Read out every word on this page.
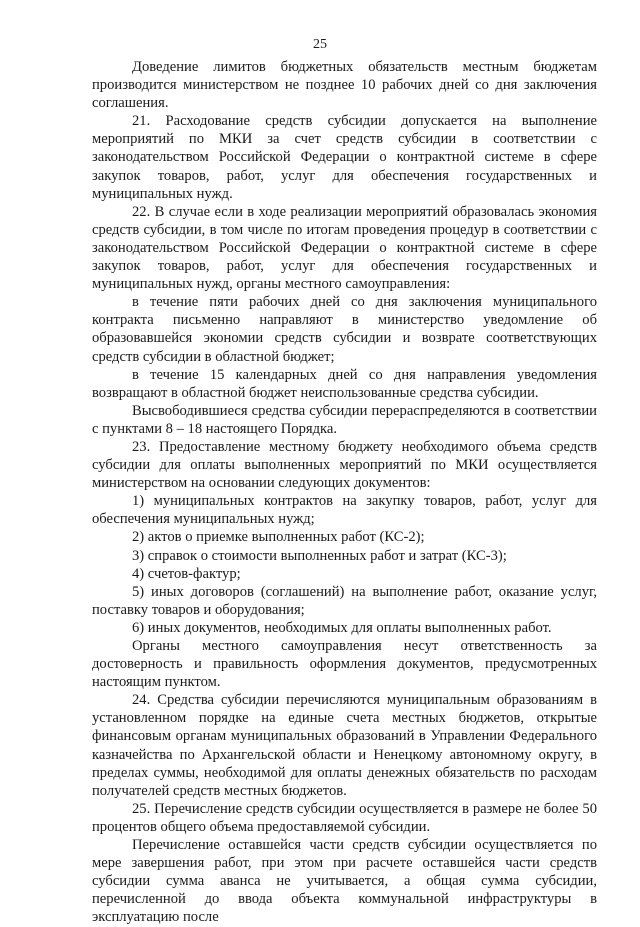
25

Доведение лимитов бюджетных обязательств местным бюджетам производится министерством не позднее 10 рабочих дней со дня заключения соглашения.

21. Расходование средств субсидии допускается на выполнение мероприятий по МКИ за счет средств субсидии в соответствии с законодательством Российской Федерации о контрактной системе в сфере закупок товаров, работ, услуг для обеспечения государственных и муниципальных нужд.

22. В случае если в ходе реализации мероприятий образовалась экономия средств субсидии, в том числе по итогам проведения процедур в соответствии с законодательством Российской Федерации о контрактной системе в сфере закупок товаров, работ, услуг для обеспечения государственных и муниципальных нужд, органы местного самоуправления:

в течение пяти рабочих дней со дня заключения муниципального контракта письменно направляют в министерство уведомление об образовавшейся экономии средств субсидии и возврате соответствующих средств субсидии в областной бюджет;

в течение 15 календарных дней со дня направления уведомления возвращают в областной бюджет неиспользованные средства субсидии.

Высвободившиеся средства субсидии перераспределяются в соответствии с пунктами 8 – 18 настоящего Порядка.

23. Предоставление местному бюджету необходимого объема средств субсидии для оплаты выполненных мероприятий по МКИ осуществляется министерством на основании следующих документов:

1) муниципальных контрактов на закупку товаров, работ, услуг для обеспечения муниципальных нужд;

2) актов о приемке выполненных работ (КС-2);

3) справок о стоимости выполненных работ и затрат (КС-3);

4) счетов-фактур;

5) иных договоров (соглашений) на выполнение работ, оказание услуг, поставку товаров и оборудования;

6) иных документов, необходимых для оплаты выполненных работ.

Органы местного самоуправления несут ответственность за достоверность и правильность оформления документов, предусмотренных настоящим пунктом.

24. Средства субсидии перечисляются муниципальным образованиям в установленном порядке на единые счета местных бюджетов, открытые финансовым органам муниципальных образований в Управлении Федерального казначейства по Архангельской области и Ненецкому автономному округу, в пределах суммы, необходимой для оплаты денежных обязательств по расходам получателей средств местных бюджетов.

25. Перечисление средств субсидии осуществляется в размере не более 50 процентов общего объема предоставляемой субсидии.

Перечисление оставшейся части средств субсидии осуществляется по мере завершения работ, при этом при расчете оставшейся части средств субсидии сумма аванса не учитывается, а общая сумма субсидии, перечисленной до ввода объекта коммунальной инфраструктуры в эксплуатацию после
